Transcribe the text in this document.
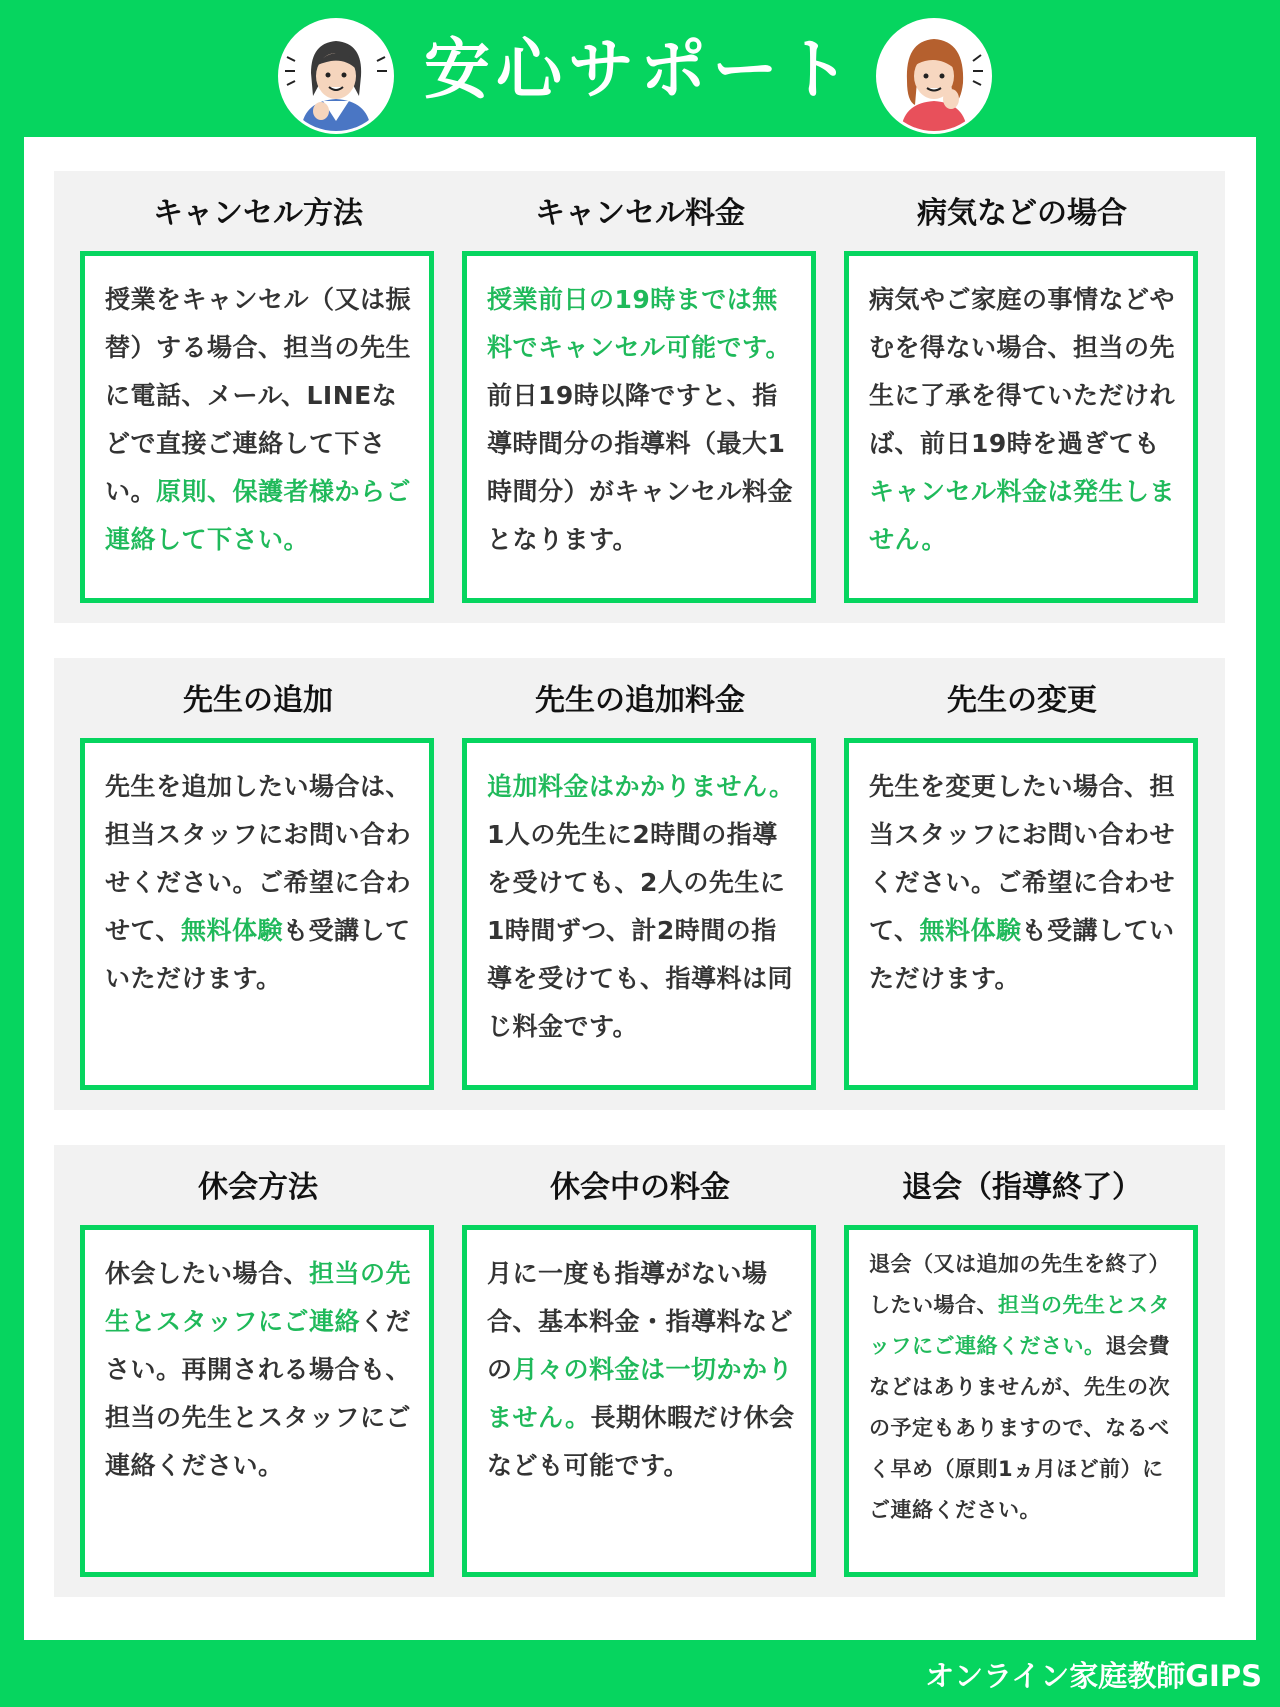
安心サポート
キャンセル方法
授業をキャンセル（又は振替）する場合、担当の先生に電話、メール、LINEなどで直接ご連絡して下さい。原則、保護者様からご連絡して下さい。
キャンセル料金
授業前日の19時までは無料でキャンセル可能です。前日19時以降ですと、指導時間分の指導料（最大1時間分）がキャンセル料金となります。
病気などの場合
病気やご家庭の事情などやむを得ない場合、担当の先生に了承を得ていただければ、前日19時を過ぎてもキャンセル料金は発生しません。
先生の追加
先生を追加したい場合は、担当スタッフにお問い合わせください。ご希望に合わせて、無料体験も受講していただけます。
先生の追加料金
追加料金はかかりません。1人の先生に2時間の指導を受けても、2人の先生に1時間ずつ、計2時間の指導を受けても、指導料は同じ料金です。
先生の変更
先生を変更したい場合、担当スタッフにお問い合わせください。ご希望に合わせて、無料体験も受講していただけます。
休会方法
休会したい場合、担当の先生とスタッフにご連絡ください。再開される場合も、担当の先生とスタッフにご連絡ください。
休会中の料金
月に一度も指導がない場合、基本料金・指導料などの月々の料金は一切かかりません。長期休暇だけ休会なども可能です。
退会（指導終了）
退会（又は追加の先生を終了）したい場合、担当の先生とスタッフにご連絡ください。退会費などはありませんが、先生の次の予定もありますので、なるべく早め（原則1ヵ月ほど前）にご連絡ください。
オンライン家庭教師GIPS
